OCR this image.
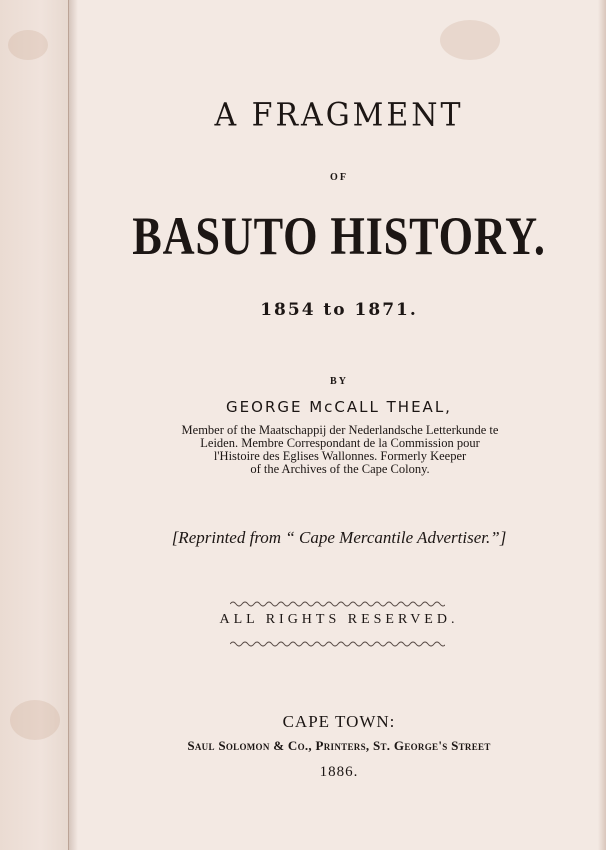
A FRAGMENT
OF
BASUTO HISTORY.
1854 to 1871.
BY
GEORGE McCALL THEAL,
Member of the Maatschappij der Nederlandsche Letterkunde te
Leiden. Membre Correspondant de la Commission pour
l'Histoire des Eglises Wallonnes. Formerly Keeper
of the Archives of the Cape Colony.
[Reprinted from “ Cape Mercantile Advertiser.”]
ALL RIGHTS RESERVED.
CAPE TOWN:
Saul Solomon & Co., Printers, St. George's Street
1886.
